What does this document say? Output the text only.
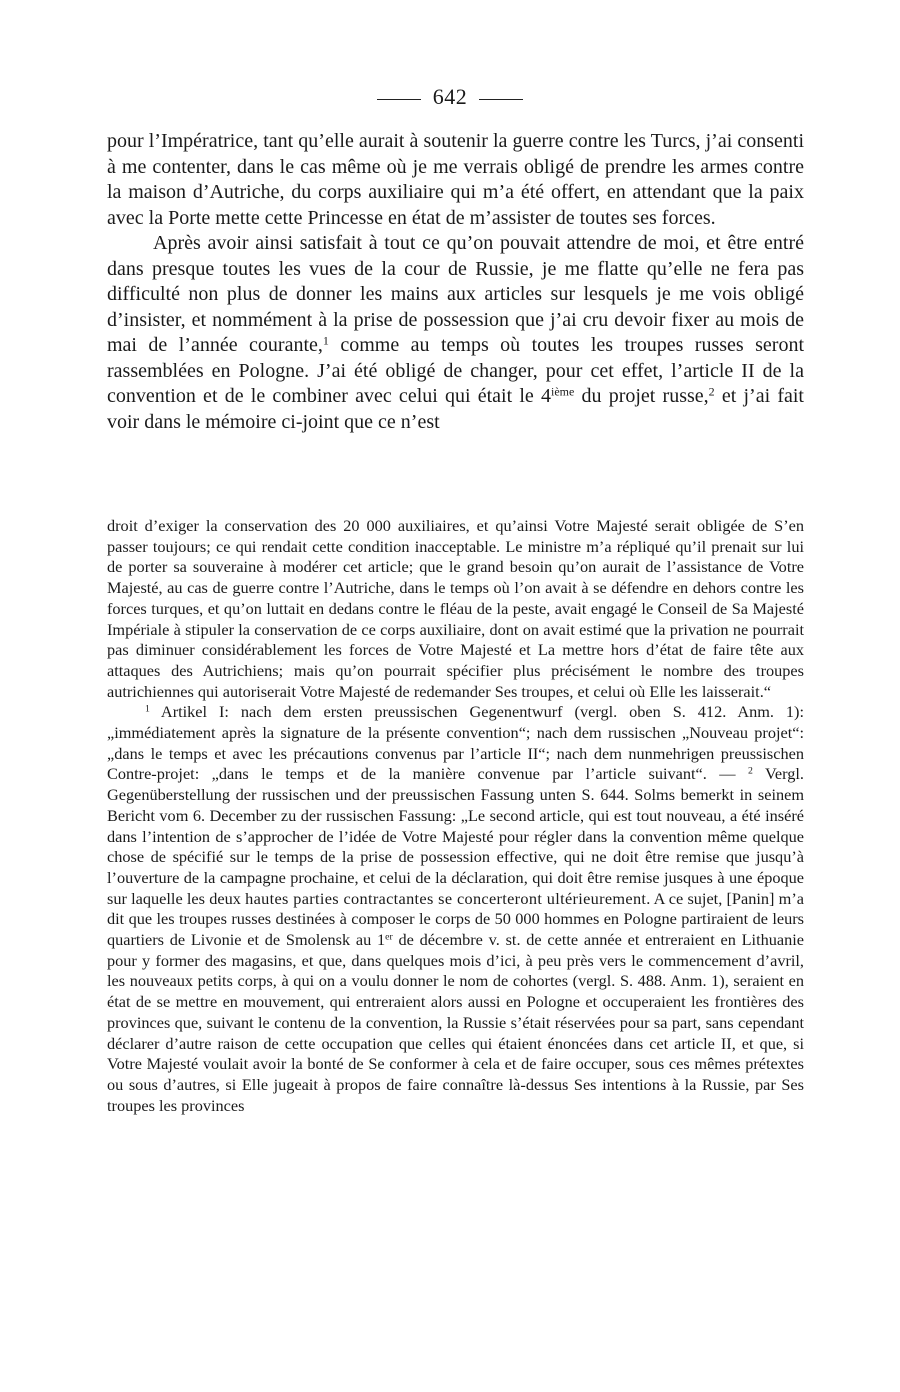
642

pour l’Impératrice, tant qu’elle aurait à soutenir la guerre contre les Turcs, j’ai consenti à me contenter, dans le cas même où je me verrais obligé de prendre les armes contre la maison d’Autriche, du corps auxiliaire qui m’a été offert, en attendant que la paix avec la Porte mette cette Princesse en état de m’assister de toutes ses forces.

Après avoir ainsi satisfait à tout ce qu’on pouvait attendre de moi, et être entré dans presque toutes les vues de la cour de Russie, je me flatte qu’elle ne fera pas difficulté non plus de donner les mains aux articles sur lesquels je me vois obligé d’insister, et nommément à la prise de possession que j’ai cru devoir fixer au mois de mai de l’année courante,$^1$ comme au temps où toutes les troupes russes seront rassemblées en Pologne. J’ai été obligé de changer, pour cet effet, l’article II de la convention et de le combiner avec celui qui était le 4ième du projet russe,$^2$ et j’ai fait voir dans le mémoire ci-joint que ce n’est

droit d’exiger la conservation des 20 000 auxiliaires, et qu’ainsi Votre Majesté serait obligée de S’en passer toujours; ce qui rendait cette condition inacceptable. Le ministre m’a répliqué qu’il prenait sur lui de porter sa souveraine à modérer cet article; que le grand besoin qu’on aurait de l’assistance de Votre Majesté, au cas de guerre contre l’Autriche, dans le temps où l’on avait à se défendre en dehors contre les forces turques, et qu’on luttait en dedans contre le fléau de la peste, avait engagé le Conseil de Sa Majesté Impériale à stipuler la conservation de ce corps auxiliaire, dont on avait estimé que la privation ne pourrait pas diminuer considérablement les forces de Votre Majesté et La mettre hors d’état de faire tête aux attaques des Autrichiens; mais qu’on pourrait spécifier plus précisément le nombre des troupes autrichiennes qui autoriserait Votre Majesté de redemander Ses troupes, et celui où Elle les laisserait.“

$^1$ Artikel I: nach dem ersten preussischen Gegenentwurf (vergl. oben S. 412. Anm. 1): „immédiatement après la signature de la présente convention“; nach dem russischen „Nouveau projet“: „dans le temps et avec les précautions convenus par l’article II“; nach dem nunmehrigen preussischen Contre-projet: „dans le temps et de la manière convenue par l’article suivant“. — $^2$ Vergl. Gegenüberstellung der russischen und der preussischen Fassung unten S. 644. Solms bemerkt in seinem Bericht vom 6. December zu der russischen Fassung: „Le second article, qui est tout nouveau, a été inséré dans l’intention de s’approcher de l’idée de Votre Majesté pour régler dans la convention même quelque chose de spécifié sur le temps de la prise de possession effective, qui ne doit être remise que jusqu’à l’ouverture de la campagne prochaine, et celui de la déclaration, qui doit être remise jusques à une époque sur laquelle les deux hautes parties contractantes se concerteront ultérieurement. A ce sujet, [Panin] m’a dit que les troupes russes destinées à composer le corps de 50 000 hommes en Pologne partiraient de leurs quartiers de Livonie et de Smolensk au 1er de décembre v. st. de cette année et entreraient en Lithuanie pour y former des magasins, et que, dans quelques mois d’ici, à peu près vers le commencement d’avril, les nouveaux petits corps, à qui on a voulu donner le nom de cohortes (vergl. S. 488. Anm. 1), seraient en état de se mettre en mouvement, qui entreraient alors aussi en Pologne et occuperaient les frontières des provinces que, suivant le contenu de la convention, la Russie s’était réservées pour sa part, sans cependant déclarer d’autre raison de cette occupation que celles qui étaient énoncées dans cet article II, et que, si Votre Majesté voulait avoir la bonté de Se conformer à cela et de faire occuper, sous ces mêmes prétextes ou sous d’autres, si Elle jugeait à propos de faire connaître là-dessus Ses intentions à la Russie, par Ses troupes les provinces
